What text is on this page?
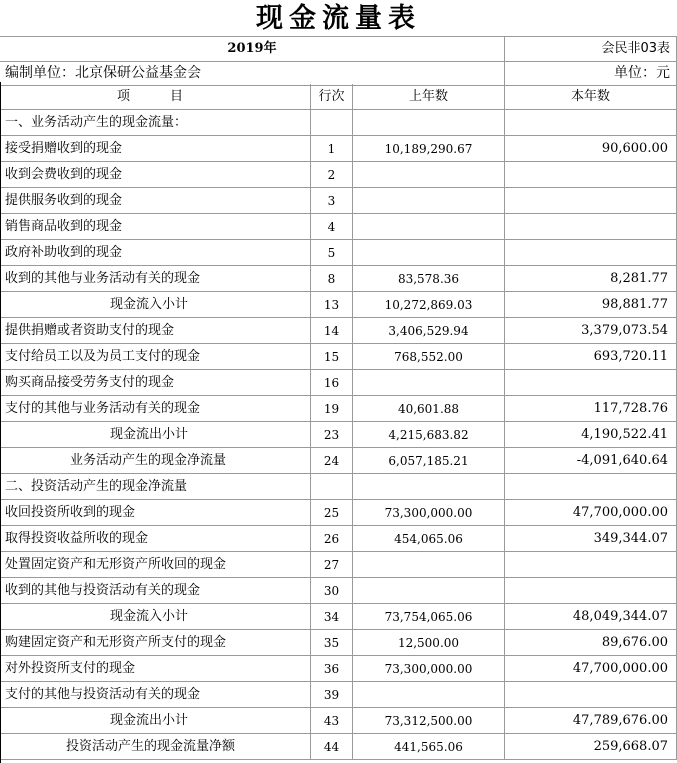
现金流量表
2019年	会民非03表
编制单位：北京保研公益基金会	单位：元
项目	行次	上年数	本年数
一、业务活动产生的现金流量：
接受捐赠收到的现金	1	10,189,290.67	90,600.00
收到会费收到的现金	2
提供服务收到的现金	3
销售商品收到的现金	4
政府补助收到的现金	5
收到的其他与业务活动有关的现金	8	83,578.36	8,281.77
现金流入小计	13	10,272,869.03	98,881.77
提供捐赠或者资助支付的现金	14	3,406,529.94	3,379,073.54
支付给员工以及为员工支付的现金	15	768,552.00	693,720.11
购买商品接受劳务支付的现金	16
支付的其他与业务活动有关的现金	19	40,601.88	117,728.76
现金流出小计	23	4,215,683.82	4,190,522.41
业务活动产生的现金净流量	24	6,057,185.21	-4,091,640.64
二、投资活动产生的现金净流量
收回投资所收到的现金	25	73,300,000.00	47,700,000.00
取得投资收益所收的现金	26	454,065.06	349,344.07
处置固定资产和无形资产所收回的现金	27
收到的其他与投资活动有关的现金	30
现金流入小计	34	73,754,065.06	48,049,344.07
购建固定资产和无形资产所支付的现金	35	12,500.00	89,676.00
对外投资所支付的现金	36	73,300,000.00	47,700,000.00
支付的其他与投资活动有关的现金	39
现金流出小计	43	73,312,500.00	47,789,676.00
投资活动产生的现金流量净额	44	441,565.06	259,668.07
